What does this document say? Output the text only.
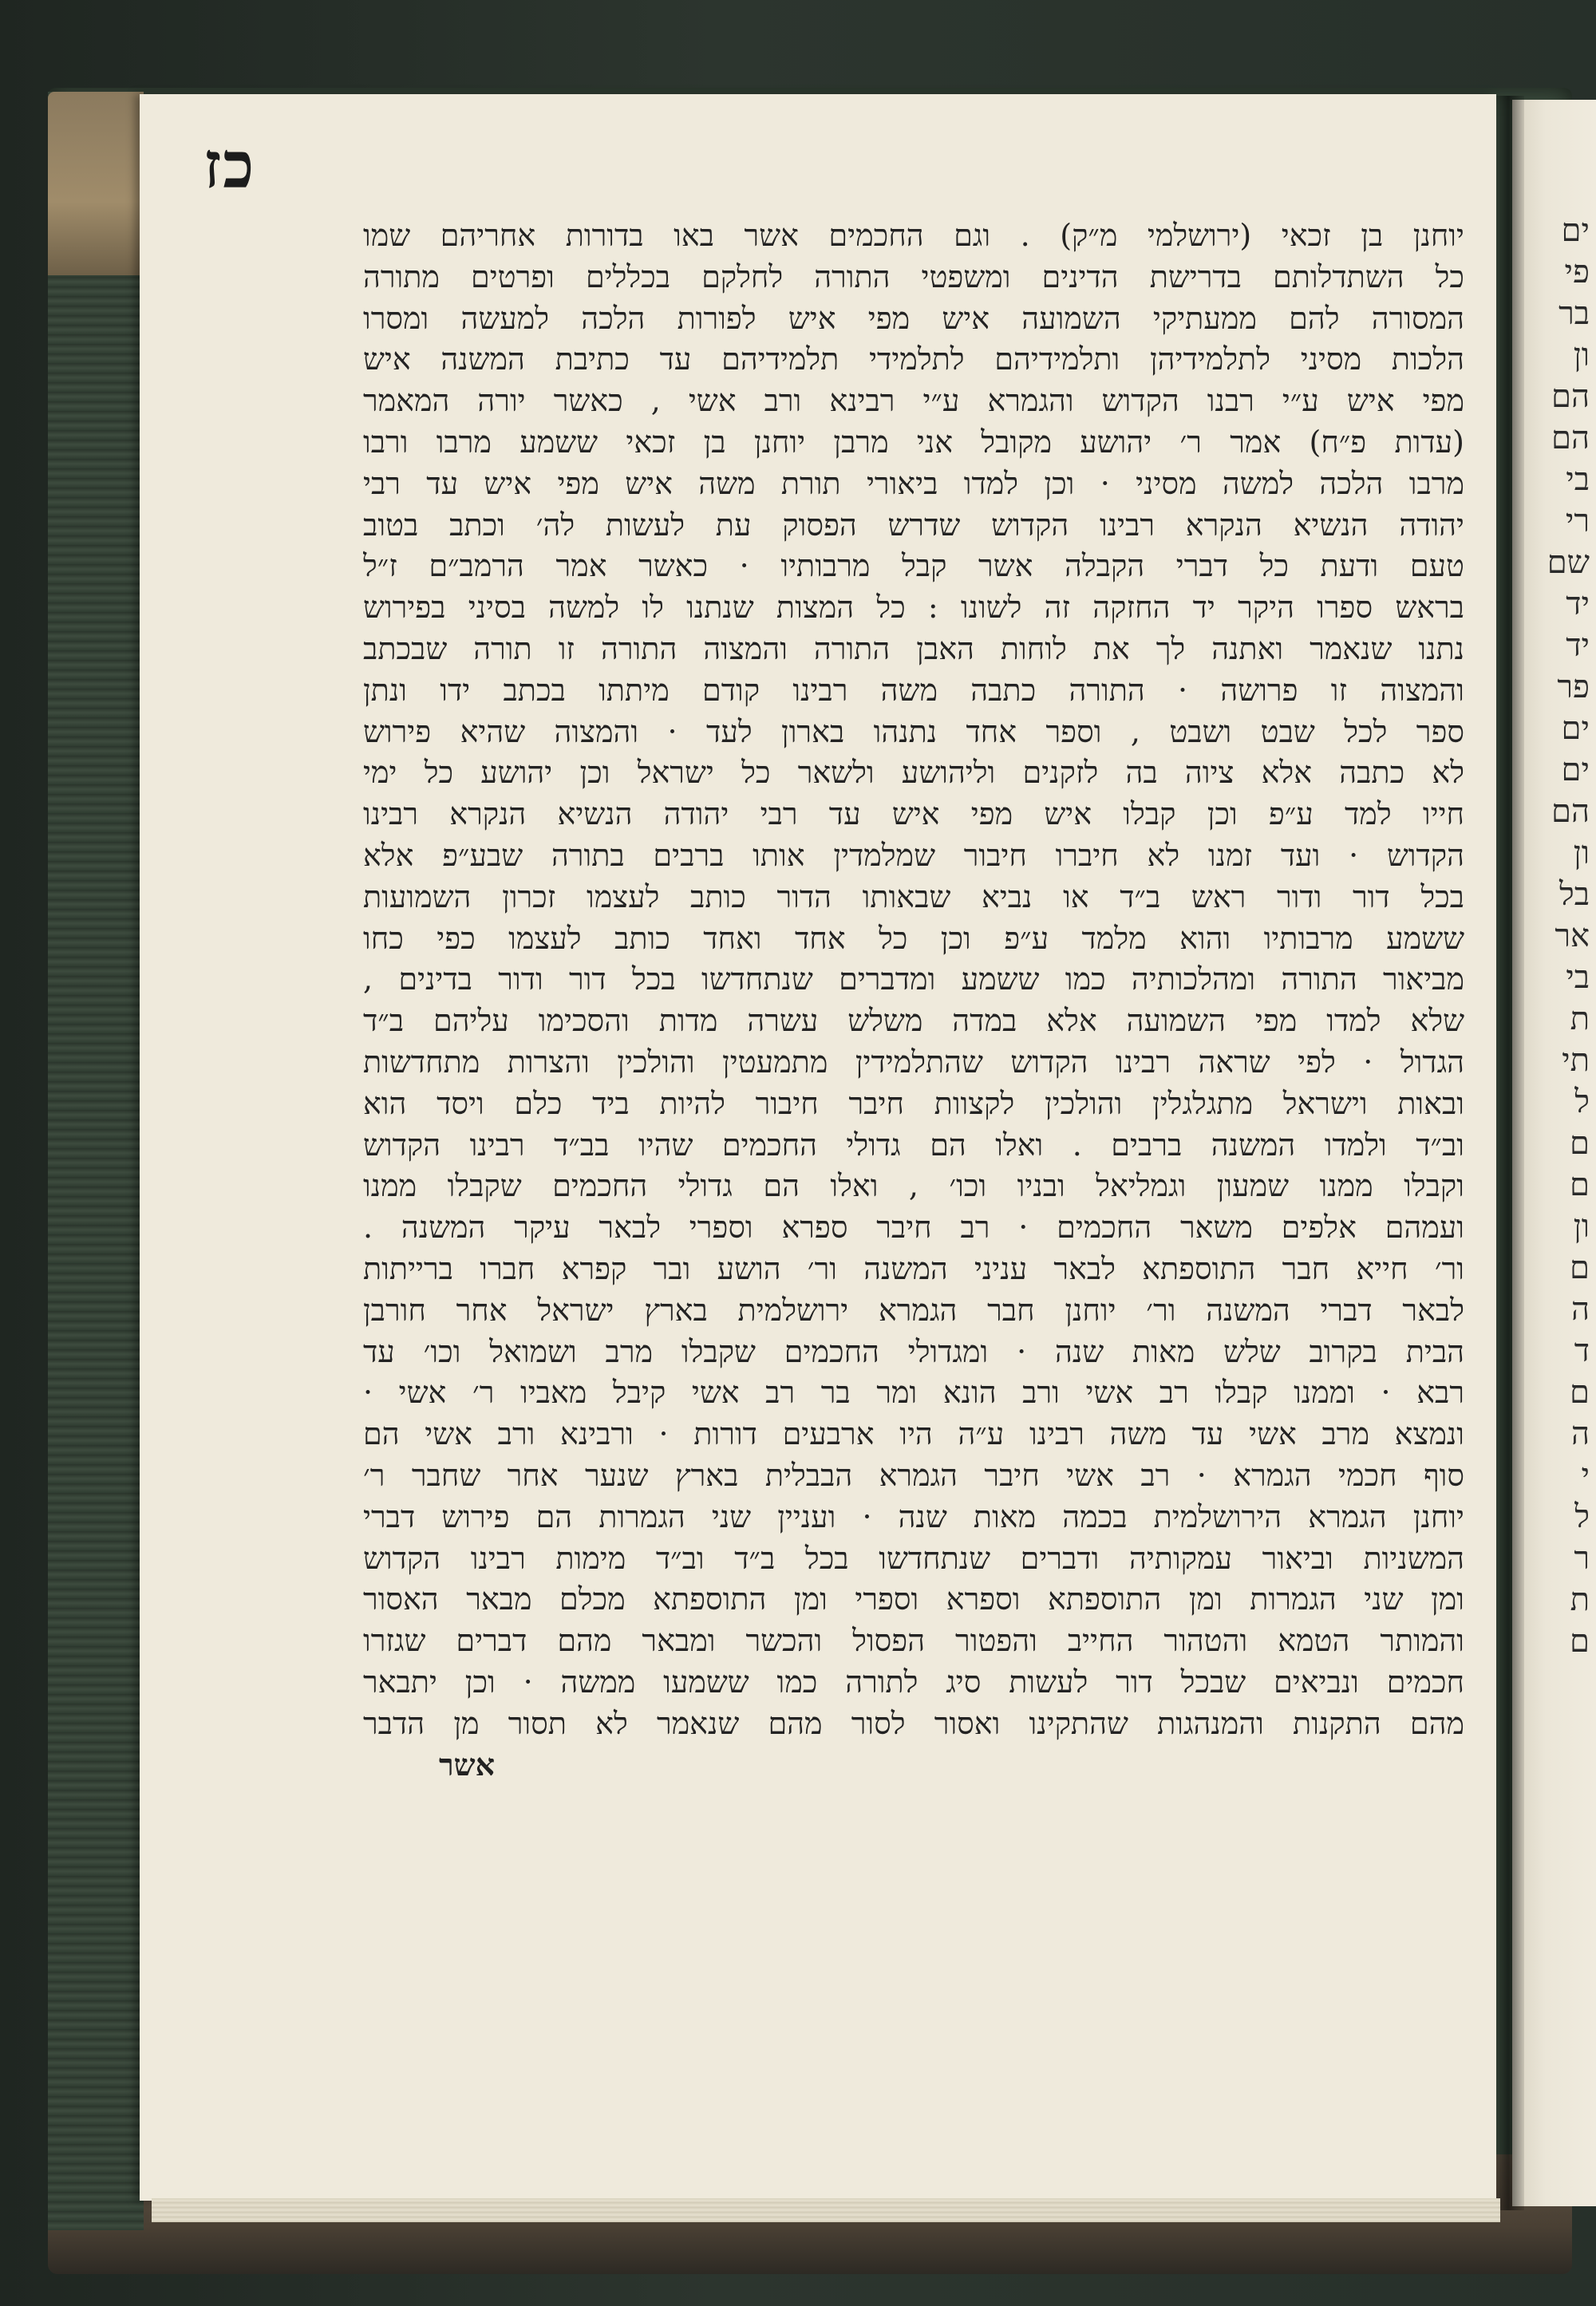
ים
פי
בר
ון
הם
הם
בי
רי
שם
יד
יד
פר
ים
ים
הם
ון
בל
אר
בי
ת
תי
ל
ם
ם
ון
ם
ה
ד
ם
ה
י
ל
ר
ת
ם
כז
יוחנן בן זכאי (ירושלמי מ״ק) . וגם החכמים אשר באו בדורות אחריהם שמו
כל השתדלותם בדרישת הדינים ומשפטי התורה לחלקם בכללים ופרטים מתורה
המסורה להם ממעתיקי השמועה איש מפי איש לפורות הלכה למעשה ומסרו
הלכות מסיני לתלמידיהן ותלמידיהם לתלמידי תלמידיהם עד כתיבת המשנה איש
מפי איש ע״י רבנו הקדוש והגמרא ע״י רבינא ורב אשי , כאשר יורה המאמר
(עדות פ״ח) אמר ר׳ יהושע מקובל אני מרבן יוחנן בן זכאי ששמע מרבו ורבו
מרבו הלכה למשה מסיני · וכן למדו ביאורי תורת משה איש מפי איש עד רבי
יהודה הנשיא הנקרא רבינו הקדוש שדרש הפסוק עת לעשות לה׳ וכתב בטוב
טעם ודעת כל דברי הקבלה אשר קבל מרבותיו · כאשר אמר הרמב״ם ז״ל
בראש ספרו היקר יד החזקה זה לשונו : כל המצות שנתנו לו למשה בסיני בפירוש
נתנו שנאמר ואתנה לך את לוחות האבן התורה והמצוה התורה זו תורה שבכתב
והמצוה זו פרושה · התורה כתבה משה רבינו קודם מיתתו בכתב ידו ונתן
ספר לכל שבט ושבט , וספר אחד נתנהו בארון לעד · והמצוה שהיא פירוש
לא כתבה אלא ציוה בה לזקנים וליהושע ולשאר כל ישראל וכן יהושע כל ימי
חייו למד ע״פ וכן קבלו איש מפי איש עד רבי יהודה הנשיא הנקרא רבינו
הקדוש · ועד זמנו לא חיברו חיבור שמלמדין אותו ברבים בתורה שבע״פ אלא
בכל דור ודור ראש ב״ד או נביא שבאותו הדור כותב לעצמו זכרון השמועות
ששמע מרבותיו והוא מלמד ע״פ וכן כל אחד ואחד כותב לעצמו כפי כחו
מביאור התורה ומהלכותיה כמו ששמע ומדברים שנתחדשו בכל דור ודור בדינים ,
שלא למדו מפי השמועה אלא במדה משלש עשרה מדות והסכימו עליהם ב״ד
הגדול · לפי שראה רבינו הקדוש שהתלמידין מתמעטין והולכין והצרות מתחדשות
ובאות וישראל מתגלגלין והולכין לקצוות חיבר חיבור להיות ביד כלם ויסד הוא
וב״ד ולמדו המשנה ברבים . ואלו הם גדולי החכמים שהיו בב״ד רבינו הקדוש
וקבלו ממנו שמעון וגמליאל ובניו וכו׳ , ואלו הם גדולי החכמים שקבלו ממנו
ועמהם אלפים משאר החכמים · רב חיבר ספרא וספרי לבאר עיקר המשנה .
ור׳ חייא חבר התוספתא לבאר עניני המשנה ור׳ הושע ובר קפרא חברו ברייתות
לבאר דברי המשנה ור׳ יוחנן חבר הגמרא ירושלמית בארץ ישראל אחר חורבן
הבית בקרוב שלש מאות שנה · ומגדולי החכמים שקבלו מרב ושמואל וכו׳ עד
רבא · וממנו קבלו רב אשי ורב הונא ומר בר רב אשי קיבל מאביו ר׳ אשי ·
ונמצא מרב אשי עד משה רבינו ע״ה היו ארבעים דורות · ורבינא ורב אשי הם
סוף חכמי הגמרא · רב אשי חיבר הגמרא הבבלית בארץ שנער אחר שחבר ר׳
יוחנן הגמרא הירושלמית בכמה מאות שנה · ועניין שני הגמרות הם פירוש דברי
המשניות וביאור עמקותיה ודברים שנתחדשו בכל ב״ד וב״ד מימות רבינו הקדוש
ומן שני הגמרות ומן התוספתא וספרא וספרי ומן התוספתא מכלם מבאר האסור
והמותר הטמא והטהור החייב והפטור הפסול והכשר ומבאר מהם דברים שגזרו
חכמים ונביאים שבכל דור לעשות סיג לתורה כמו ששמעו ממשה · וכן יתבאר
מהם התקנות והמנהגות שהתקינו ואסור לסור מהם שנאמר לא תסור מן הדבר
אשר
